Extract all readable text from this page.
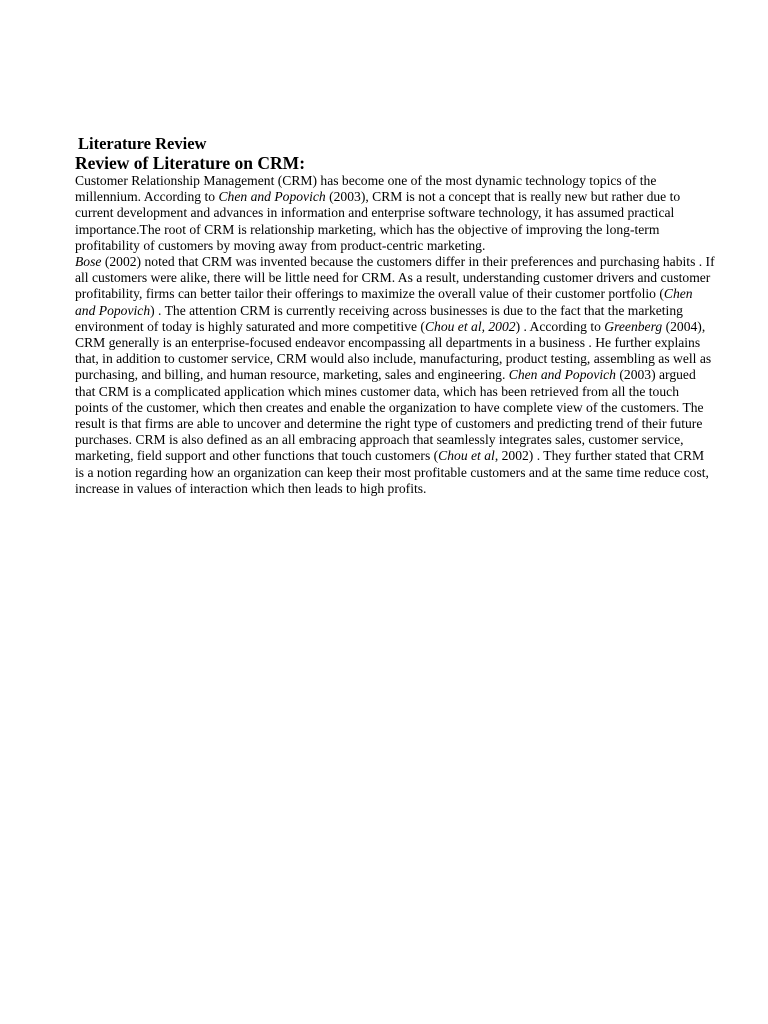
Literature Review
Review of Literature on CRM:

Customer Relationship Management (CRM) has become one of the most dynamic technology topics of the millennium. According to Chen and Popovich (2003), CRM is not a concept that is really new but rather due to current development and advances in information and enterprise software technology, it has assumed practical importance.The root of CRM is relationship marketing, which has the objective of improving the long-term profitability of customers by moving away from product-centric marketing.

Bose (2002) noted that CRM was invented because the customers differ in their preferences and purchasing habits . If all customers were alike, there will be little need for CRM. As a result, understanding customer drivers and customer profitability, firms can better tailor their offerings to maximize the overall value of their customer portfolio (Chen and Popovich) . The attention CRM is currently receiving across businesses is due to the fact that the marketing environment of today is highly saturated and more competitive (Chou et al, 2002) . According to Greenberg (2004), CRM generally is an enterprise-focused endeavor encompassing all departments in a business . He further explains that, in addition to customer service, CRM would also include, manufacturing, product testing, assembling as well as purchasing, and billing, and human resource, marketing, sales and engineering. Chen and Popovich (2003) argued that CRM is a complicated application which mines customer data, which has been retrieved from all the touch points of the customer, which then creates and enable the organization to have complete view of the customers. The result is that firms are able to uncover and determine the right type of customers and predicting trend of their future purchases. CRM is also defined as an all embracing approach that seamlessly integrates sales, customer service, marketing, field support and other functions that touch customers (Chou et al, 2002) . They further stated that CRM is a notion regarding how an organization can keep their most profitable customers and at the same time reduce cost, increase in values of interaction which then leads to high profits.
